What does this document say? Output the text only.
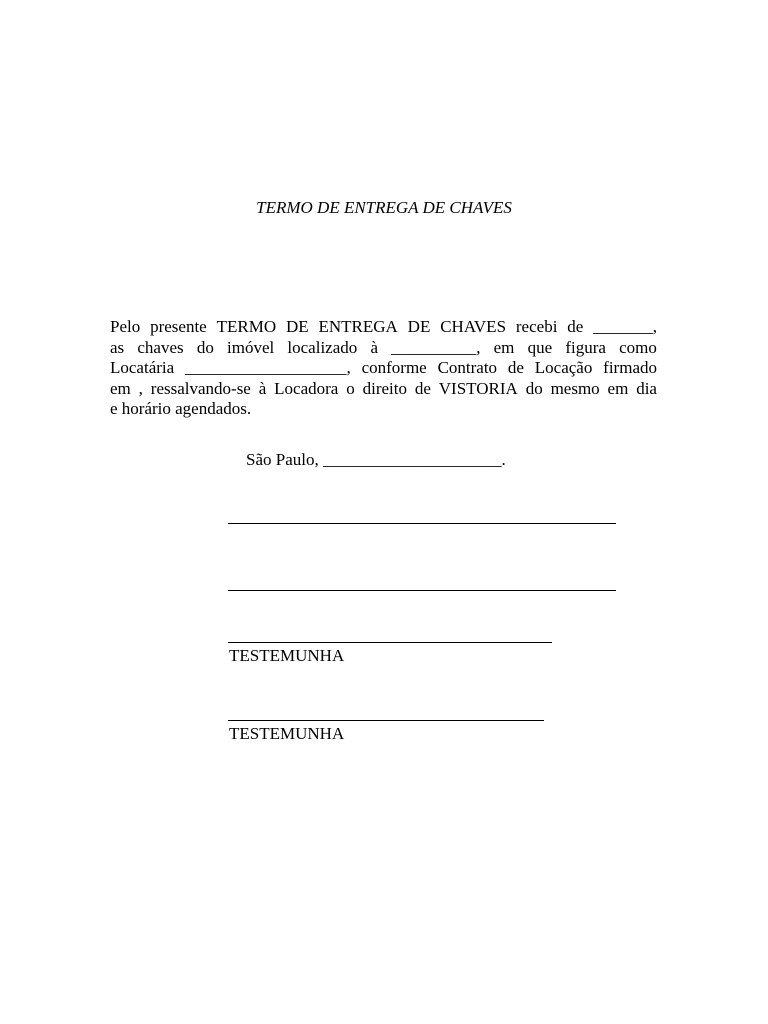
TERMO DE ENTREGA DE CHAVES
Pelo presente TERMO DE ENTREGA DE CHAVES recebi de _______,
as chaves do imóvel localizado à __________, em que figura como
Locatária ___________________, conforme Contrato de Locação firmado
em , ressalvando-se à Locadora o direito de VISTORIA do mesmo em dia
e horário agendados.
São Paulo, _____________________.
TESTEMUNHA
TESTEMUNHA
